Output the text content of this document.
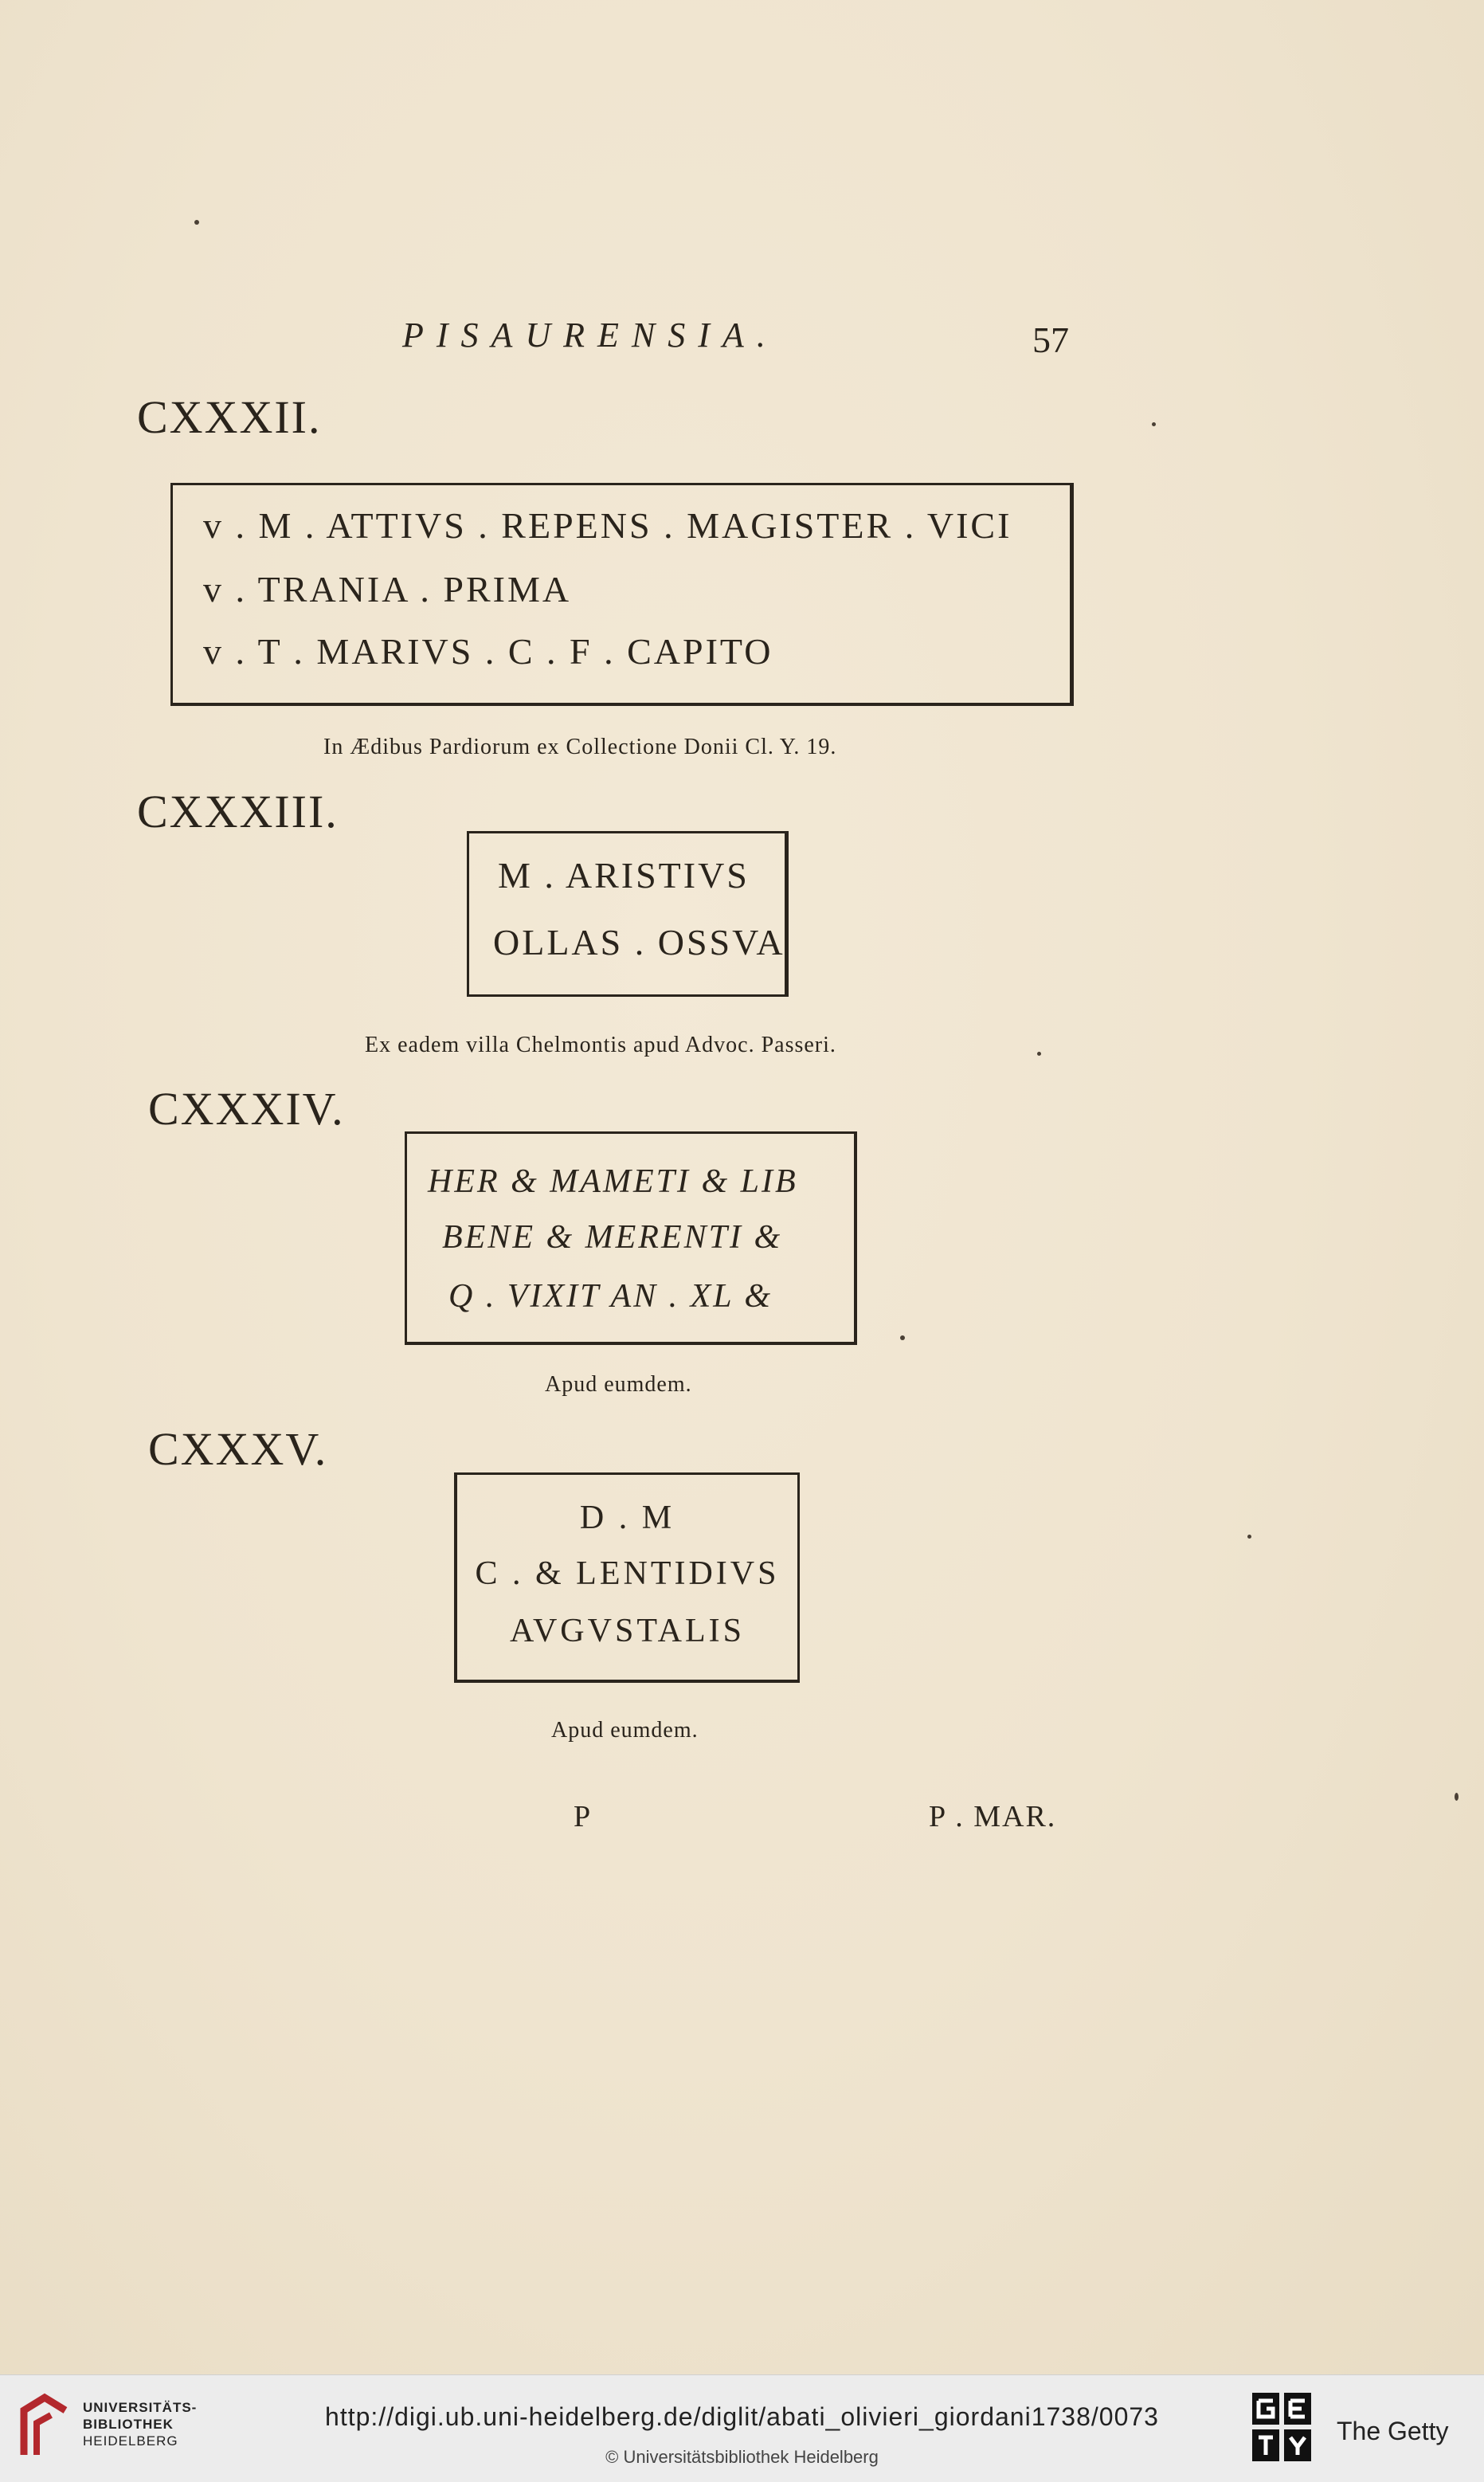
PISAURENSIA.	57
CXXXII.
v . M . ATTIVS . REPENS . MAGISTER . VICI
v . TRANIA . PRIMA
v . T . MARIVS . C . F . CAPITO
In Ædibus Pardiorum ex Collectione Donii Cl. Y. 19.
CXXXIII.
M . ARISTIVS
OLLAS . OSSVA
Ex eadem villa Chelmontis apud Advoc. Passeri.
CXXXIV.
HER & MAMETI & LIB
BENE & MERENTI &
Q . VIXIT AN . XL &
Apud eumdem.
CXXXV.
D . M
C . & LENTIDIVS
AVGVSTALIS
Apud eumdem.
P	P . MAR.
UNIVERSITÄTS-
BIBLIOTHEK
HEIDELBERG
http://digi.ub.uni-heidelberg.de/diglit/abati_olivieri_giordani1738/0073
© Universitätsbibliothek Heidelberg
The Getty
